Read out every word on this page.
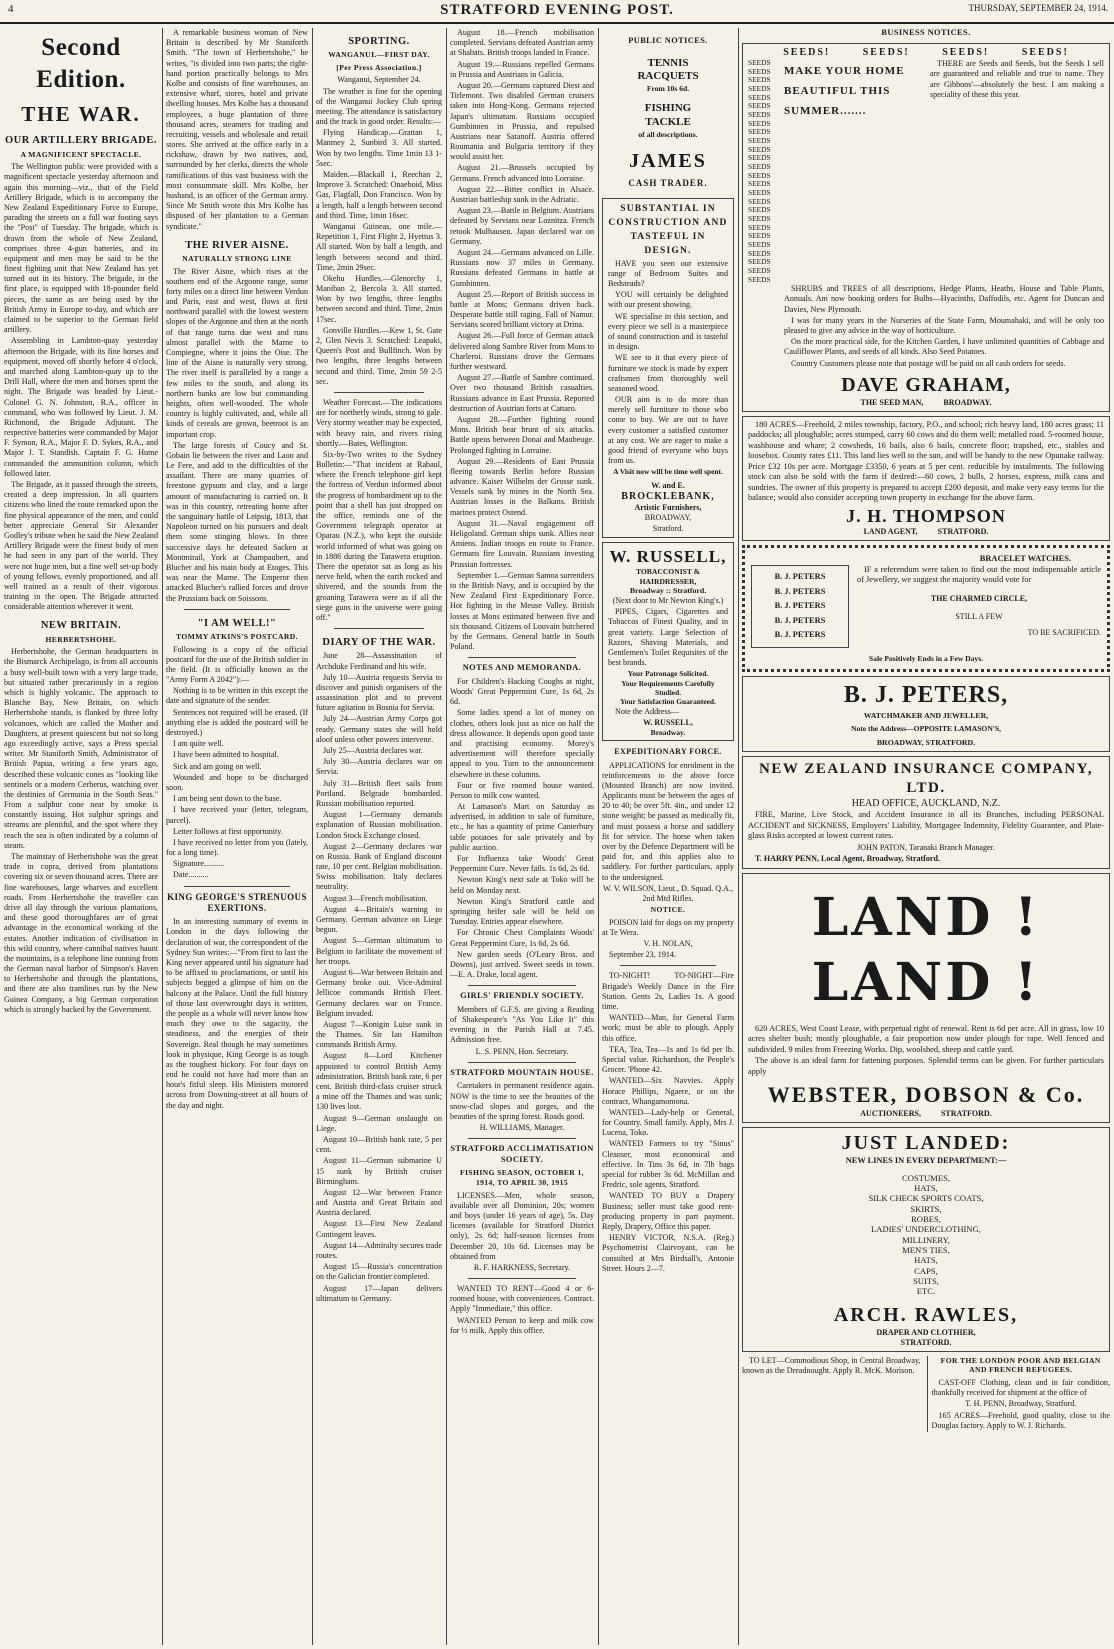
4	STRATFORD EVENING POST.	THURSDAY, SEPTEMBER 24, 1914.
Second Edition.
THE WAR.
OUR ARTILLERY BRIGADE.
A MAGNIFICENT SPECTACLE.

The Wellington public were provided with a magnificent spectacle yesterday afternoon and again this morning—viz., that of the Field Artillery Brigade, which is to accompany the New Zealand Expeditionary Force to Europe, parading the streets on a full war footing says the "Post" of Tuesday. The brigade, which is drawn from the whole of New Zealand, comprises three 4-gun batteries, and its equipment and men may be said to be the finest fighting unit that New Zealand has yet turned out in its history. The brigade, in the first place, is equipped with 18-pounder field pieces, the same as are being used by the British Army in Europe to-day, and which are claimed to be superior to the German field artillery.

Assembling in Lambton-quay yesterday afternoon the Brigade, with its fine horses and equipment, moved off shortly before 4 o'clock, and marched along Lambton-quay up to the Drill Hall, where the men and horses spent the night. The Brigade was headed by Lieut.-Colonel G. N. Johnston, R.A., officer in command, who was followed by Lieut. J. M. Richmond, the Brigade Adjutant. The respective batteries were commanded by Major F. Symon, R.A., Major F. D. Sykes, R.A., and Major J. T. Standish. Captain F. G. Hume commanded the ammunition column, which followed later.

The Brigade, as it passed through the streets, created a deep impression. In all quarters citizens who lined the route remarked upon the fine physical appearance of the men, and could better appreciate General Sir Alexander Godley's tribute when he said the New Zealand Artillery Brigade were the finest body of men he had seen in any part of the world. They were not huge men, but a fine well set-up body of young fellows, evenly proportioned, and all well trained as a result of their vigorous training in the open. The Brigade attracted considerable attention wherever it went.

NEW BRITAIN.
HERBERTSHOHE.

Herbertshohe, the German headquarters in the Bismarck Archipelago, is from all accounts a busy well-built town with a very large trade, but situated rather precariously in a region which is highly volcanic. The approach to Blanche Bay, New Britain, on which Herbertshohe stands, is flanked by three lofty volcanoes, which are called the Mother and Daughters, at present quiescent but not so long ago exceedingly active, says a Press special writer. Mr Staniforth Smith, Administrator of British Papua, writing a few years ago, described these volcanic cones as "looking like sentinels or a modern Cerberus, watching over the destinies of Germania in the South Seas." From a sulphur cone near by smoke is constantly issuing. Hot sulphur springs and streams are plentiful, and the spot where they reach the sea is often indicated by a column of steam.

The mainstay of Herbertshohe was the great trade in copra, derived from plantations covering six or seven thousand acres. There are fine warehouses, large wharves and excellent roads. From Herbertshohe the traveller can drive all day through the various plantations, and these good thoroughfares are of great advantage in the economical working of the estates. Another indication of civilisation in this wild country, where cannibal natives haunt the mountains, is a telephone line running from the German naval harbor of Simpson's Haven to Herbertshohe and through the plantations, and there are also tramlines run by the New Guinea Company, a big German corporation which is strongly backed by the Government.

A remarkable business woman of New Britain is described by Mr Staniforth Smith. "The town of Herbertshohe," he writes, "is divided into two parts; the right-hand portion practically belongs to Mrs Kolbe and consists of fine warehouses, an extensive wharf, stores, hotel and private dwelling houses. Mrs Kolbe has a thousand employees, a huge plantation of three thousand acres, steamers for trading and recruiting, vessels and wholesale and retail stores. She arrived at the office early in a rickshaw, drawn by two natives, and, surrounded by her clerks, directs the whole ramifications of this vast business with the most consummate skill. Mrs Kolbe, her husband, is an officer of the German army. Since Mr Smith wrote this Mrs Kolbe has disposed of her plantation to a German syndicate."

THE RIVER AISNE.
NATURALLY STRONG LINE

The River Aisne, which rises at the southern end of the Argonne range, some forty miles on a direct line between Verdun and Paris, east and west, flows at first northward parallel with the lowest western slopes of the Argonne and then at the north of that range turns due west and runs almost parallel with the Marne to Compiegne, where it joins the Oise. The line of the Aisne is naturally very strong. The river itself is paralleled by a range a few miles to the south, and along its northern banks are low but commanding heights, often well-wooded. The whole country is highly cultivated, and, while all kinds of cereals are grown, beetroot is an important crop.

The large forests of Coucy and St. Gobain lie between the river and Laon and Le Fere, and add to the difficulties of the assailant. There are many quarries of freestone gypsum and clay, and a large amount of manufacturing is carried on. It was in this country, retreating home after the sanguinary battle of Leipsig, 1813, that Napoleon turned on his pursuers and dealt them some stinging blows. In three successive days he defeated Sacken at Montmirail, York at Champaubert, and Blucher and his main body at Etoges. This was near the Marne. The Emperor then attacked Blucher's rallied forces and drove the Prussians back on Soissons.

"I AM WELL!"
TOMMY ATKINS'S POSTCARD.

Following is a copy of the official postcard for the use of the British soldier in the field. (It is officially known as the "Army Form A 2042"):—

Nothing is to be written in this except the date and signature of the sender.

Sentences not required will be erased. (If anything else is added the postcard will be destroyed.)

I am quite well.

I have been admitted to hospital.

Sick and am going on well.

Wounded and hope to be discharged soon.

I am being sent down to the base.

I have received your (letter, telegram, parcel).

Letter follows at first opportunity.

I have received no letter from you (lately, for a long time).

Signature..........

Date..........

KING GEORGE'S STRENUOUS EXERTIONS.

In an interesting summary of events in London in the days following the declaration of war, the correspondent of the Sydney Sun writes:—"From first to last the King never appeared until his signature had to be affixed to proclamations, or until his subjects begged a glimpse of him on the balcony at the Palace. Until the full history of those last overwrought days is written, the people as a whole will never know how much they owe to the sagacity, the steadiness, and the energies of their Sovereign. Real though he may sometimes look in physique, King George is as tough as the toughest hickory. For four days on end he could not have had more than an hour's fitful sleep. His Ministers motored across from Downing-street at all hours of the day and night.

SPORTING.
WANGANUI.—FIRST DAY.
[Per Press Association.]

Wanganui, September 24.

The weather is fine for the opening of the Wanganui Jockey Club spring meeting. The attendance is satisfactory and the track in good order. Results:—

Flying Handicap.—Grattan 1, Manmey 2, Sunbird 3. All started. Won by two lengths. Time 1min 13 1-5sec.

Maiden.—Blackall 1, Reechan 2, Improve 3. Scratched: Onaeboid, Miss Gas, Flagfall, Don Francisco. Won by a length, half a length between second and third. Time, 1min 16sec.

Wanganui Guineas, one mile.—Repetition 1, First Flight 2, Hyettus 3. All started. Won by half a length, and length between second and third. Time, 2min 29sec.

Okehu Hurdles.—Glenorchy 1, Maniban 2, Bercola 3. All started. Won by two lengths, three lengths between second and third. Time, 2min 17sec.

Gonville Hurdles.—Kew 1, St. Gate 2, Glen Nevis 3. Scratched: Leapaki, Queen's Post and Bullfinch. Won by two lengths, three lengths between second and third. Time, 2min 59 2-5 sec.

Weather Forecast.—The indications are for northerly winds, strong to gale. Very stormy weather may be expected, with heavy rain, and rivers rising shortly.—Bates, Wellington.

Six-by-Two writes to the Sydney Bulletin:—"That incident at Rabaul, where the French telephone girl kept the fortress of Verdun informed about the progress of bombardment up to the point that a shell has just dropped on the office, reminds one of the Government telegraph operator at Oparau (N.Z.), who kept the outside world informed of what was going on in 1886 during the Tarawera eruption. There the operator sat as long as his nerve held, when the earth rocked and shivered, and the sounds from the groaning Tarawera were as if all the siege guns in the universe were going off."

DIARY OF THE WAR.

June 28—Assassination of Archduke Ferdinand and his wife.

July 10—Austria requests Servia to discover and punish organisers of the assassination plot and to prevent future agitation in Bosnia for Servia.

July 24—Austrian Army Corps got ready. Germany states she will hold aloof unless other powers intervene.

July 25—Austria declares war.

July 30—Austria declares war on Servia.

July 31—British fleet sails from Portland. Belgrade bombarded. Russian mobilisation reported.

August 1—Germany demands explanation of Russian mobilisation. London Stock Exchange closed.

August 2—Germany declares war on Russia. Bank of England discount rate, 10 per cent. Belgian mobilisation. Swiss mobilisation. Italy declares neutrality.

August 3—French mobilisation.

August 4—Britain's warning to Germany. German advance on Liege begun.

August 5—German ultimatum to Belgium to facilitate the movement of her troops.

August 6—War between Britain and Germany broke out. Vice-Admiral Jellicoe commands British Fleet. Germany declares war on France. Belgium invaded.

August 7—Konigin Luise sunk in the Thames. Sir Ian Hamilton commands British Army.

August 8—Lord Kitchener appointed to control British Army administration. British bank rate, 6 per cent. British third-class cruiser struck a mine off the Thames and was sunk; 130 lives lost.

August 9—German onslaught on Liege.

August 10—British bank rate, 5 per cent.

August 11—German submarine U 15 sunk by British cruiser Birmingham.

August 12—War between France and Austria and Great Britain and Austria declared.

August 13—First New Zealand Contingent leaves.

August 14—Admiralty secures trade routes.

August 15—Russia's concentration on the Galician frontier completed.

August 17—Japan delivers ultimatum to Germany.

August 18.—French mobilisation completed. Servians defeated Austrian army at Shabats. British troops landed in France.

August 19.—Russians repelled Germans in Prussia and Austrians in Galicia.

August 20.—Germans captured Diest and Tirlemont. Two disabled German cruisers taken into Hong-Kong. Germans rejected Japan's ultimatum. Russians occupied Gumbinnen in Prussia, and repulsed Austrians near Satanoff. Austria offered Roumania and Bulgaria territory if they would assist her.

August 21.—Brussels occupied by Germans. French advanced into Lorraine.

August 22.—Bitter conflict in Alsace. Austrian battleship sunk in the Adriatic.

August 23.—Battle in Belgium. Austrians defeated by Servians near Loznitza. French retook Mulhausen. Japan declared war on Germany.

August 24.—Germans advanced on Lille. Russians now 37 miles in Germany. Russians defeated Germans in battle at Gumbinnen.

August 25.—Report of British success in battle at Mons; Germans driven back. Desperate battle still raging. Fall of Namur. Servians scored brilliant victory at Drina.

August 26.—Full force of German attack delivered along Sambre River from Mons to Charleroi. Russians drove the Germans further westward.

August 27.—Battle of Sambre continued. Over two thousand British casualties. Russians advance in East Prussia. Reported destruction of Austrian forts at Cattaro.

August 28.—Further fighting round Mons. British bear brunt of six attacks. Battle opens between Donai and Maubeuge. Prolonged fighting in Lorraine.

August 29.—Residents of East Prussia fleeing towards Berlin before Russian advance. Kaiser Wilhelm der Grosse sunk. Vessels sunk by mines in the North Sea. Austrian losses in the Balkans. British marines protect Ostend.

August 31.—Naval engagement off Heligoland. German ships sunk. Allies near Amiens. Indian troops en route to France. Germans fire Louvain. Russians investing Prussian fortresses.

September 1.—German Samoa surrenders to the British Navy, and is occupied by the New Zealand First Expeditionary Force. Hot fighting in the Meuse Valley. British losses at Mons estimated between five and six thousand. Citizens of Louvain butchered by the Germans. General battle in South Poland.

NOTES AND MEMORANDA.

For Children's Hacking Coughs at night, Woods' Great Peppermint Cure, 1s 6d, 2s 6d.

Some ladies spend a lot of money on clothes, others look just as nice on half the dress allowance. It depends upon good taste and practising economy. Morey's advertisement will therefore specially appeal to you. Turn to the announcement elsewhere in these columns.

Four or five roomed house wanted. Person to milk cow wanted.

At Lamason's Mart on Saturday as advertised, in addition to sale of furniture, etc., he has a quantity of prime Canterbury table potatoes for sale privately and by public auction.

For Influenza take Woods' Great Peppermint Cure. Never fails. 1s 6d, 2s 6d.

Newton King's next sale at Toko will be held on Monday next.

Newton King's Stratford cattle and springing heifer sale will be held on Tuesday. Entries appear elsewhere.

For Chronic Chest Complaints Woods' Great Peppermint Cure, 1s 6d, 2s 6d.

New garden seeds (O'Leary Bros. and Downs), just arrived. Sweet seeds in town.—E. A. Drake, local agent.

GIRLS' FRIENDLY SOCIETY.

Members of G.F.S. are giving a Reading of Shakespeare's "As You Like It" this evening in the Parish Hall at 7.45. Admission free.

L. S. PENN, Hon. Secretary.

STRATFORD MOUNTAIN HOUSE.

Caretakers in permanent residence again. NOW is the time to see the beauties of the snow-clad slopes and gorges, and the beauties of the spring forest. Roads good.

H. WILLIAMS, Manager.

STRATFORD ACCLIMATISATION SOCIETY.
FISHING SEASON, OCTOBER 1, 1914, TO APRIL 30, 1915

LICENSES.—Men, whole season, available over all Dominion, 20s; women and boys (under 16 years of age), 5s. Day licenses (available for Stratford District only), 2s 6d; half-season licenses from December 20, 10s 6d. Licenses may be obtained from

R. F. HARKNESS, Secretary.

WANTED TO RENT—Good 4 or 6-roomed house, with conveniences. Contract. Apply "Immediate," this office.

WANTED Person to keep and milk cow for ½ milk. Apply this office.

PUBLIC NOTICES.
TENNIS
RACQUETS
From 10s 6d.
FISHING
TACKLE
of all descriptions.
JAMES
CASH TRADER.
SUBSTANTIAL IN CONSTRUCTION AND TASTEFUL IN DESIGN.

HAVE you seen our extensive range of Bedroom Suites and Bedsteads?

YOU will certainly be delighted with our present showing.

WE specialise in this section, and every piece we sell is a masterpiece of sound construction and is tasteful in design.

WE see to it that every piece of furniture we stock is made by expert craftsmen from thoroughly well seasoned wood.

OUR aim is to do more than merely sell furniture to those who come to buy. We are out to have every customer a satisfied customer at any cost. We are eager to make a good friend of everyone who buys from us.

A Visit now will be time well spent.
W. and E.
BROCKLEBANK,
Artistic Furnishers,
BROADWAY,
Stratford.
W. RUSSELL,
TOBACCONIST & HAIRDRESSER,
Broadway :: Stratford.

(Next door to Mr Newton King's.)

PIPES, Cigars, Cigarettes and Tobaccos of Finest Quality, and in great variety. Large Selection of Razors, Shaving Materials, and Gentlemen's Toilet Requisites of the best brands.

Your Patronage Solicited.
Your Requirements Carefully Studied.
Your Satisfaction Guaranteed.

Note the Address—

W. RUSSELL,
Broadway.
EXPEDITIONARY FORCE.

APPLICATIONS for enrolment in the reinforcements to the above force (Mounted Branch) are now invited. Applicants must be between the ages of 20 to 40; be over 5ft. 4in., and under 12 stone weight; be passed as medically fit, and must possess a horse and saddlery fit for service. The horse when taken over by the Defence Department will be paid for, and this applies also to saddlery. For further particulars, apply to the undersigned.

W. V. WILSON, Lieut., D. Squad. Q.A., 2nd Mtd Rifles.

NOTICE.

POISON laid for dogs on my property at Te Wera.

V. H. NOLAN,

September 23, 1914.

TO-NIGHT! TO-NIGHT—Fire Brigade's Weekly Dance in the Fire Station. Gents 2s, Ladies 1s. A good time.

WANTED—Man, for General Farm work; must be able to plough. Apply this office.

TEA, Tea, Tea—1s and 1s 6d per lb. Special value. Richardson, the People's Grocer. 'Phone 42.

WANTED—Six Navvies. Apply Horace Phillips, Ngaere, or on the contract, Whangamomona.

WANTED—Lady-help or General, for Country. Small family. Apply, Mrs J. Lucena, Toko.

WANTED Farmers to try "Sinus" Cleanser, most economical and effective. In Tins 3s 6d, in 7lb bags special for rubber 3s 6d. McMillan and Fredric, sole agents, Stratford.

WANTED TO BUY a Drapery Business; seller must take good rent-producing property in part payment. Reply, Drapery, Office this paper.

HENRY VICTOR, N.S.A. (Reg.) Psychometrist Clairvoyant, can be consulted at Mrs Birdsall's, Antonie Street. Hours 2—7.

BUSINESS NOTICES.
SEEDS! SEEDS! SEEDS! SEEDS!
SEEDS
SEEDS
SEEDS
SEEDS
SEEDS
SEEDS
SEEDS
SEEDS
SEEDS
SEEDS
SEEDS
SEEDS
SEEDS
SEEDS
SEEDS
SEEDS
SEEDS
SEEDS
SEEDS
SEEDS
SEEDS
SEEDS
SEEDS
SEEDS
SEEDS
SEEDS
MAKE YOUR HOME
BEAUTIFUL THIS
SUMMER.......

THERE are Seeds and Seeds, but the Seeds I sell are guaranteed and reliable and true to name. They are Gibbons'—absolutely the best. I am making a speciality of these this year.

SHRUBS and TREES of all descriptions, Hedge Plants, Heaths, House and Table Plants, Annuals. Am now booking orders for Bulbs—Hyacinths, Daffodils, etc. Agent for Duncan and Davies, New Plymouth.

I was for many years in the Nurseries of the State Farm, Moumahaki, and will be only too pleased to give any advice in the way of horticulture.

On the more practical side, for the Kitchen Garden, I have unlimited quantities of Cabbage and Cauliflower Plants, and seeds of all kinds. Also Seed Potatoes.

Country Customers please note that postage will be paid on all cash orders for seeds.

DAVE GRAHAM,
THE SEED MAN,          BROADWAY.

180 ACRES—Freehold, 2 miles township, factory, P.O., and school; rich heavy land, 180 acres grass; 11 paddocks; all ploughable; acres stumped, carry 60 cows and do them well; metalled road. 5-roomed house, washhouse and whare; 2 cowsheds, 16 bails, also 6 bails, concrete floor; trapshed, etc., stables and loosebox. County rates £11. This land lies well to the sun, and will be handy to the new Opunake railway. Price £32 10s per acre. Mortgage £3350, 6 years at 5 per cent. reducible by instalments. The following stock can also be sold with the farm if desired:—60 cows, 2 bulls, 2 horses, express, milk cans and sundries. The owner of this property is prepared to accept £200 deposit, and make very easy terms for the balance; would also consider accepting town property in exchange for the above farm.

J. H. THOMPSON
LAND AGENT,          STRATFORD.
BRACELET WATCHES.
B. J. PETERS
B. J. PETERS
B. J. PETERS
B. J. PETERS
B. J. PETERS

IF a referendum were taken to find out the most indispensable article of Jewellery, we suggest the majority would vote for

THE CHARMED CIRCLE,
STILL A FEW
TO BE SACRIFICED.
Sale Positively Ends in a Few Days.
B. J. PETERS,
WATCHMAKER AND JEWELLER,
Note the Address—OPPOSITE LAMASON'S,
BROADWAY, STRATFORD.
NEW ZEALAND INSURANCE COMPANY, LTD.
HEAD OFFICE, AUCKLAND, N.Z.

FIRE, Marine, Live Stock, and Accident Insurance in all its Branches, including PERSONAL ACCIDENT and SICKNESS, Employers' Liability, Mortgagee Indemnity, Fidelity Guarantee, and Plate-glass Risks accepted at lowest current rates.

JOHN PATON, Taranaki Branch Manager.

T. HARRY PENN, Local Agent, Broadway, Stratford.

LAND ! LAND !

620 ACRES, West Coast Lease, with perpetual right of renewal. Rent is 6d per acre. All in grass, low 10 acres shelter bush; mostly ploughable, a fair proportion now under plough for rape. Well fenced and subdivided. 9 miles from Freezing Works. Dip, woolshed, sheep and cattle yard.

The above is an ideal farm for fattening purposes. Splendid terms can be given. For further particulars apply

WEBSTER, DOBSON & Co.
AUCTIONEERS,          STRATFORD.
JUST LANDED:
NEW LINES IN EVERY DEPARTMENT:—
COSTUMES,
HATS,
SILK CHECK SPORTS COATS,
SKIRTS,
ROBES,
LADIES' UNDERCLOTHING,
MILLINERY,
MEN'S TIES,
HATS,
CAPS,
SUITS,
ETC.
ARCH. RAWLES,
DRAPER AND CLOTHIER,
STRATFORD.

TO LET—Commodious Shop, in Central Broadway, known as the Dreadnought. Apply R. McK. Morison.

FOR THE LONDON POOR AND BELGIAN AND FRENCH REFUGEES.

CAST-OFF Clothing, clean and in fair condition, thankfully received for shipment at the office of

T. H. PENN, Broadway, Stratford.

165 ACRES—Freehold, good quality, close to the Douglas factory. Apply to W. J. Richards.
